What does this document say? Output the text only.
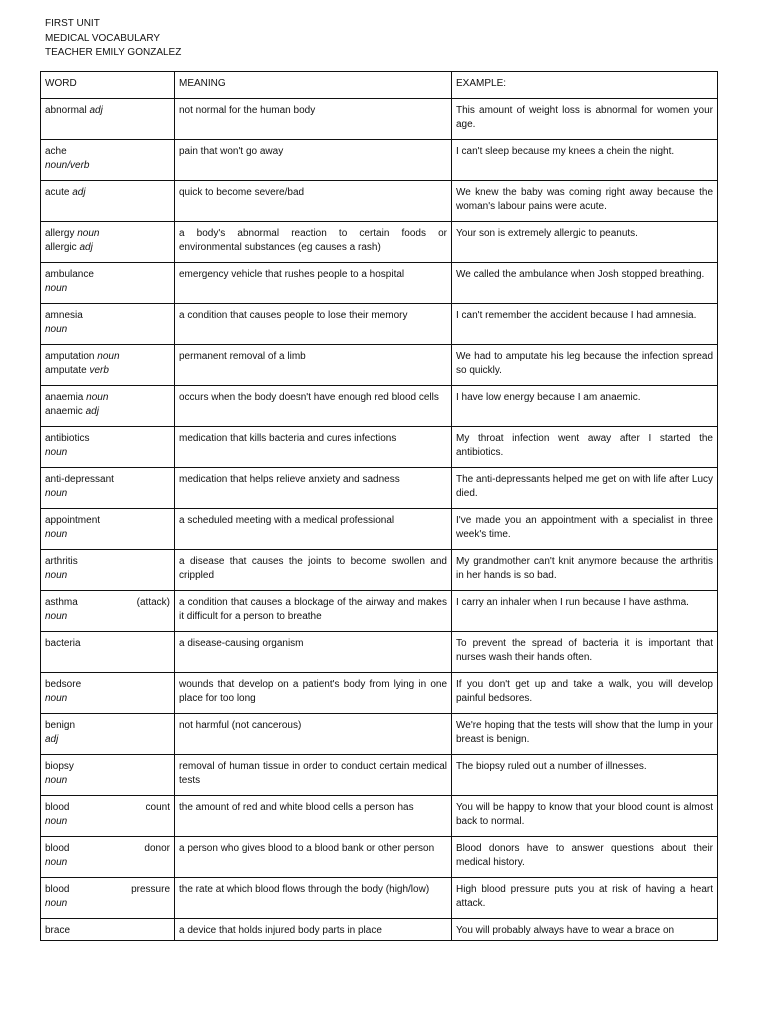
FIRST UNIT
MEDICAL VOCABULARY
TEACHER EMILY GONZALEZ
WORD	MEANING	EXAMPLE:

abnormal adj	not normal for the human body	This amount of weight loss is abnormal for women your age.

ache
noun/verb	pain that won't go away	I can't sleep because my knees a chein the night.

acute adj	quick to become severe/bad	We knew the baby was coming right away because the woman's labour pains were acute.

allergy noun
allergic adj	a body's abnormal reaction to certain foods or environmental substances (eg causes a rash)	Your son is extremely allergic to peanuts.

ambulance
noun	emergency vehicle that rushes people to a hospital	We called the ambulance when Josh stopped breathing.

amnesia
noun	a condition that causes people to lose their memory	I can't remember the accident because I had amnesia.

amputation noun
amputate verb	permanent removal of a limb	We had to amputate his leg because the infection spread so quickly.

anaemia noun
anaemic adj	occurs when the body doesn't have enough red blood cells	I have low energy because I am anaemic.

antibiotics
noun	medication that kills bacteria and cures infections	My throat infection went away after I started the antibiotics.

anti-depressant
noun	medication that helps relieve anxiety and sadness	The anti-depressants helped me get on with life after Lucy died.

appointment
noun	a scheduled meeting with a medical professional	I've made you an appointment with a specialist in three week's time.

arthritis
noun	a disease that causes the joints to become swollen and crippled	My grandmother can't knit anymore because the arthritis in her hands is so bad.

asthma (attack)
noun	a condition that causes a blockage of the airway and makes it difficult for a person to breathe	I carry an inhaler when I run because I have asthma.

bacteria	a disease-causing organism	To prevent the spread of bacteria it is important that nurses wash their hands often.

bedsore
noun	wounds that develop on a patient's body from lying in one place for too long	If you don't get up and take a walk, you will develop painful bedsores.

benign
adj	not harmful (not cancerous)	We're hoping that the tests will show that the lump in your breast is benign.

biopsy
noun	removal of human tissue in order to conduct certain medical tests	The biopsy ruled out a number of illnesses.

blood count
noun	the amount of red and white blood cells a person has	You will be happy to know that your blood count is almost back to normal.

blood donor
noun	a person who gives blood to a blood bank or other person	Blood donors have to answer questions about their medical history.

blood pressure
noun	the rate at which blood flows through the body (high/low)	High blood pressure puts you at risk of having a heart attack.

brace	a device that holds injured body parts in place	You will probably always have to wear a brace on
